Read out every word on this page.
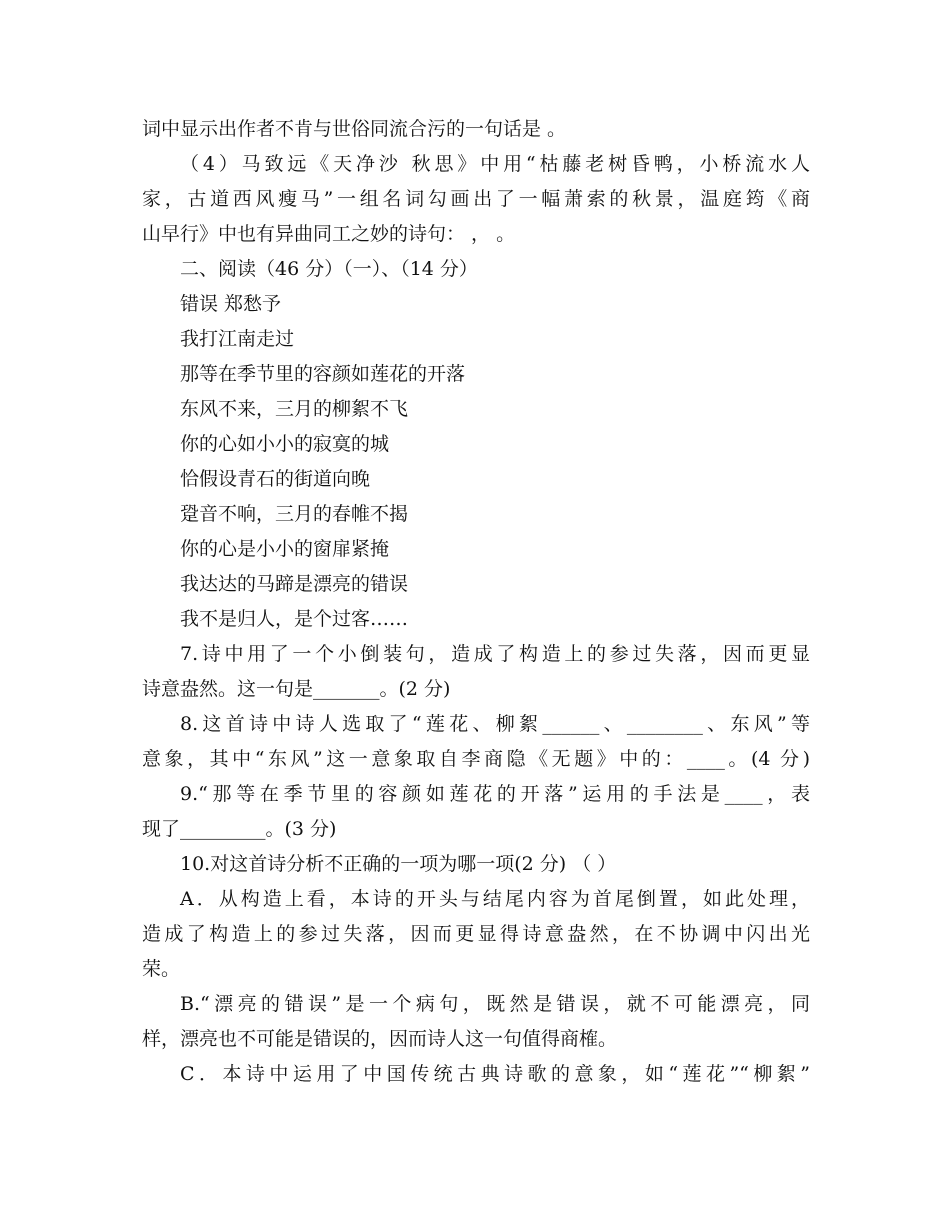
词中显示出作者不肯与世俗同流合污的一句话是 。
（4）马致远《天净沙 秋思》中用“枯藤老树昏鸭，小桥流水人
家，古道西风瘦马”一组名词勾画出了一幅萧索的秋景，温庭筠《商
山早行》中也有异曲同工之妙的诗句： ， 。
二、阅读（46 分）（一）、（14 分）
错误 郑愁予
我打江南走过
那等在季节里的容颜如莲花的开落
东风不来，三月的柳絮不飞
你的心如小小的寂寞的城
恰假设青石的街道向晚
跫音不响，三月的春帷不揭
你的心是小小的窗扉紧掩
我达达的马蹄是漂亮的错误
我不是归人，是个过客……
7.诗中用了一个小倒装句，造成了构造上的参过失落，因而更显
诗意盎然。这一句是_______。(2 分)
8.这首诗中诗人选取了“莲花、柳絮______、________、东风”等
意象，其中“东风”这一意象取自李商隐《无题》中的：____。(4 分)
9.“那等在季节里的容颜如莲花的开落”运用的手法是____，表
现了_________。(3 分)
10.对这首诗分析不正确的一项为哪一项(2 分) （ ）
A．从构造上看，本诗的开头与结尾内容为首尾倒置，如此处理，
造成了构造上的参过失落，因而更显得诗意盎然，在不协调中闪出光
荣。
B.“漂亮的错误”是一个病句，既然是错误，就不可能漂亮，同
样，漂亮也不可能是错误的，因而诗人这一句值得商榷。
C．本诗中运用了中国传统古典诗歌的意象，如“莲花”“柳絮”
